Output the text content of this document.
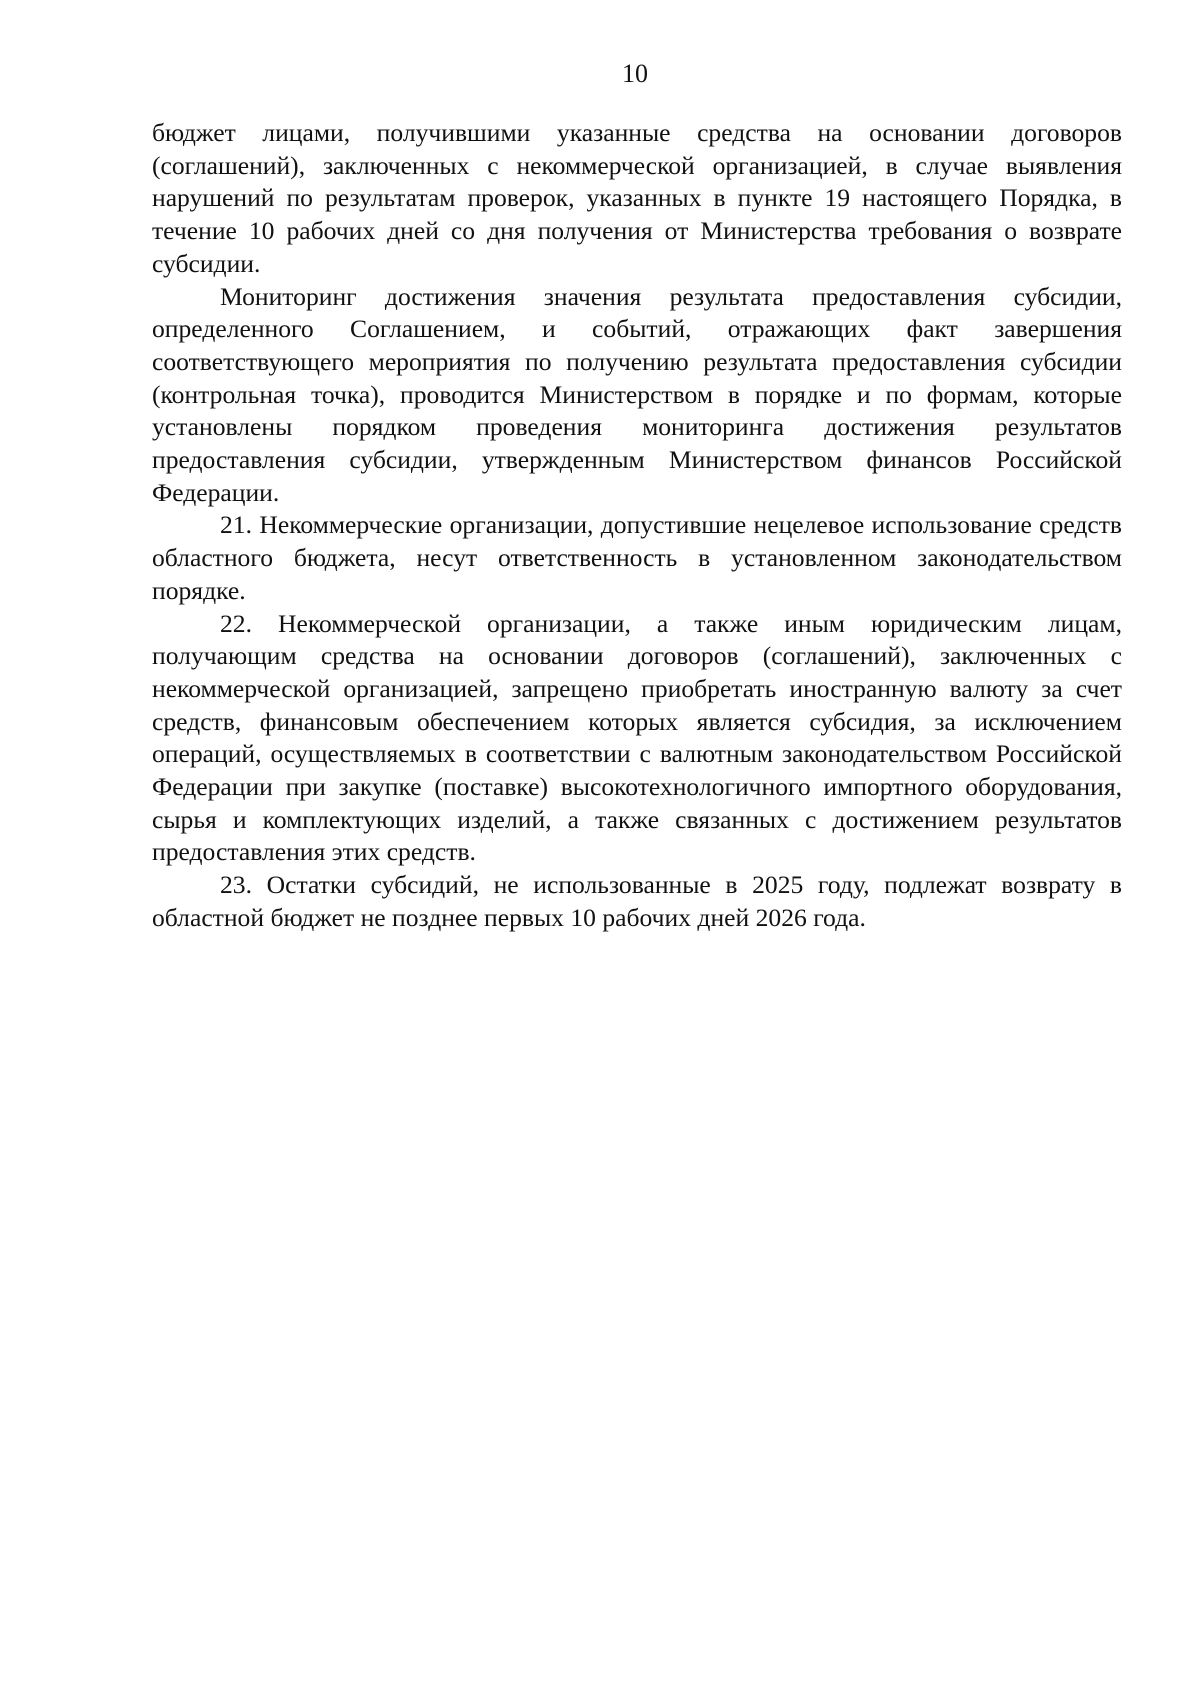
10

бюджет лицами, получившими указанные средства на основании договоров (соглашений), заключенных с некоммерческой организацией, в случае выявления нарушений по результатам проверок, указанных в пункте 19 настоящего Порядка, в течение 10 рабочих дней со дня получения от Министерства требования о возврате субсидии.

Мониторинг достижения значения результата предоставления субсидии, определенного Соглашением, и событий, отражающих факт завершения соответствующего мероприятия по получению результата предоставления субсидии (контрольная точка), проводится Министерством в порядке и по формам, которые установлены порядком проведения мониторинга достижения результатов предоставления субсидии, утвержденным Министерством финансов Российской Федерации.

21. Некоммерческие организации, допустившие нецелевое использование средств областного бюджета, несут ответственность в установленном законодательством порядке.

22. Некоммерческой организации, а также иным юридическим лицам, получающим средства на основании договоров (соглашений), заключенных с некоммерческой организацией, запрещено приобретать иностранную валюту за счет средств, финансовым обеспечением которых является субсидия, за исключением операций, осуществляемых в соответствии с валютным законодательством Российской Федерации при закупке (поставке) высокотехнологичного импортного оборудования, сырья и комплектующих изделий, а также связанных с достижением результатов предоставления этих средств.

23. Остатки субсидий, не использованные в 2025 году, подлежат возврату в областной бюджет не позднее первых 10 рабочих дней 2026 года.
